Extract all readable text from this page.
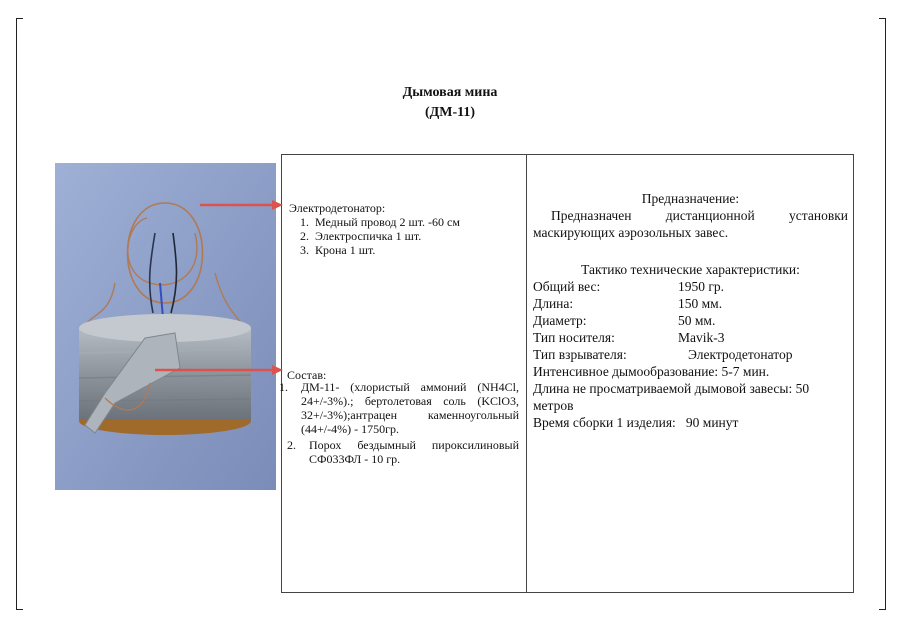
Дымовая мина
(ДМ-11)
Электродетонатор:
1. Медный провод 2 шт. -60 см
2. Электроспичка 1 шт.
3. Крона 1 шт.
Состав:
1.	ДМ-11- (хлористый аммоний (NH4Cl, 24+/-3%).; бертолетовая соль (KClO3, 32+/-3%);антрацен каменноугольный (44+/-4%) - 1750гр.
2.	Порох бездымный пироксилиновый СФ033ФЛ - 10 гр.
Предназначение:
Предназначен дистанционной установки маскирующих аэрозольных завес.
Тактико технические характеристики:
Общий вес:	1950 гр.
Длина:	150 мм.
Диаметр:	50 мм.
Тип носителя:	Mavik-3
Тип взрывателя:	Электродетонатор
Интенсивное дымообразование: 5-7 мин.
Длина не просматриваемой дымовой завесы: 50 метров
Время сборки 1 изделия: 90 минут
